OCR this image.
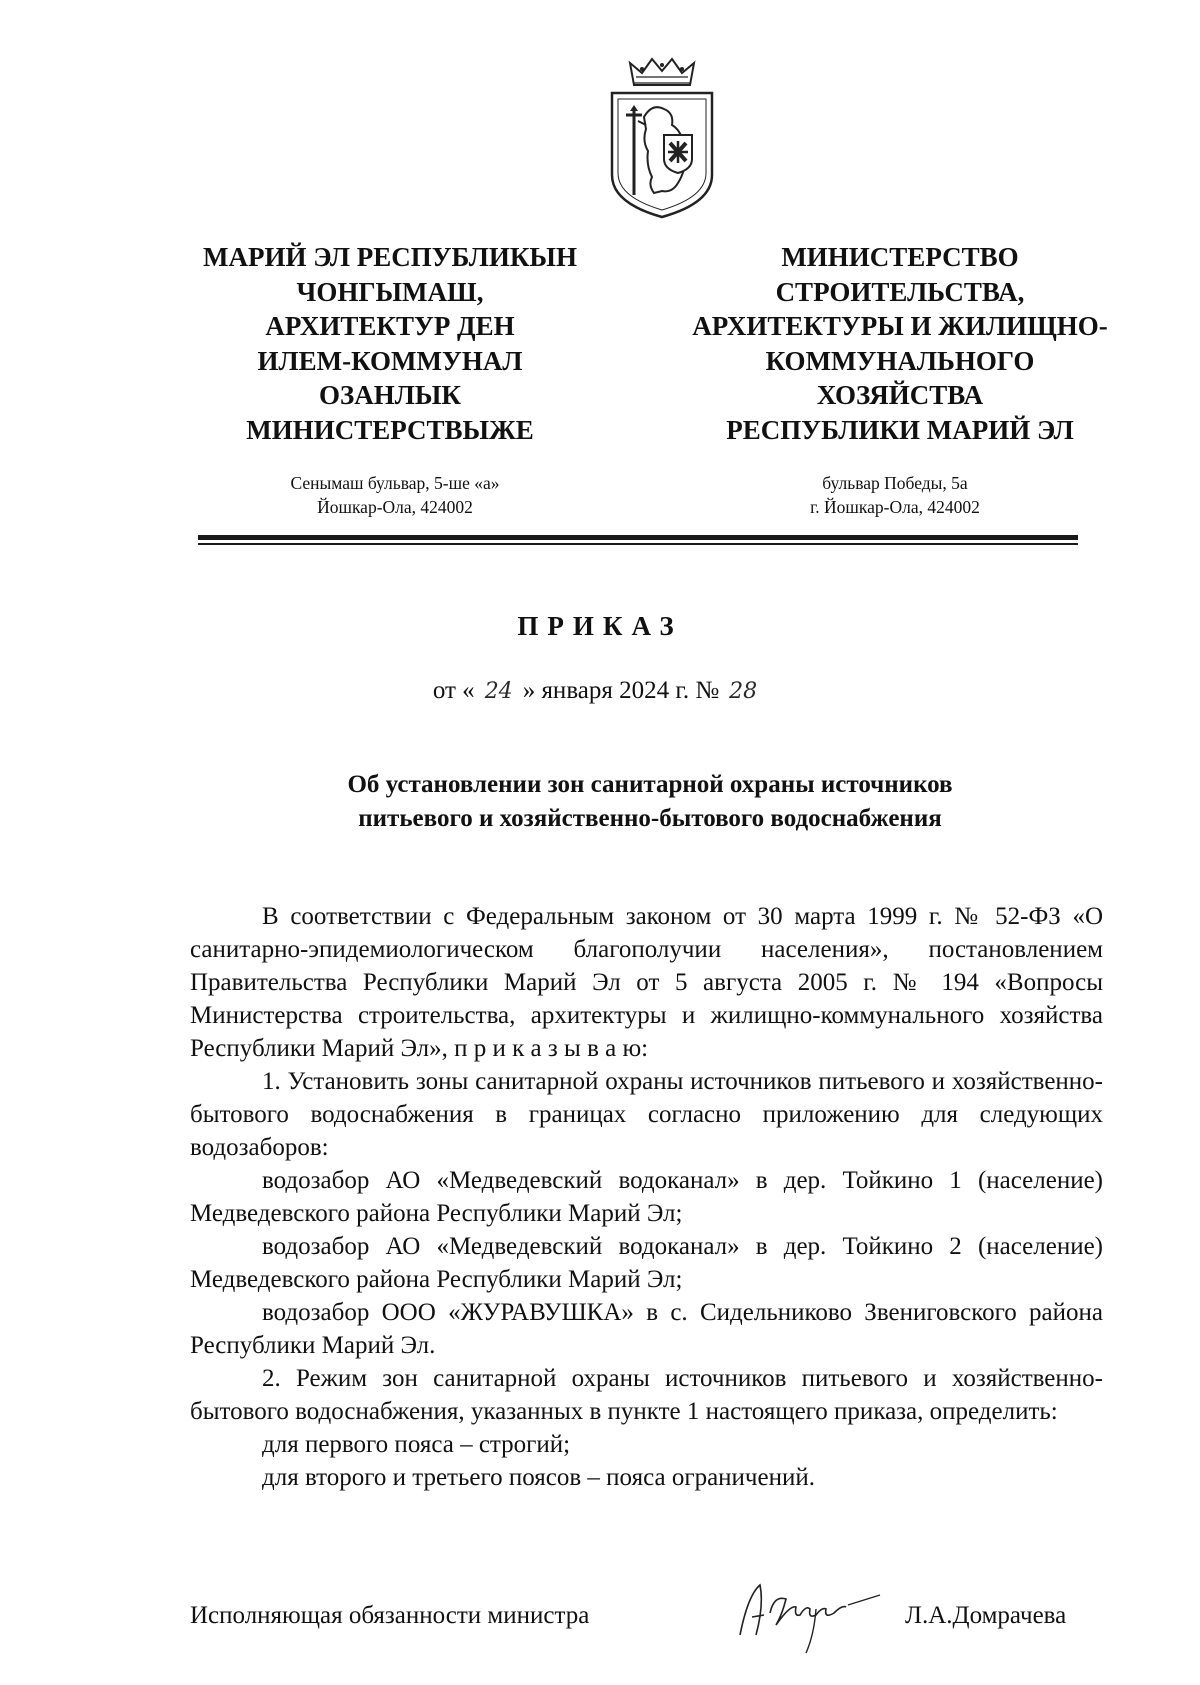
МАРИЙ ЭЛ РЕСПУБЛИКЫН
ЧОНГЫМАШ,
АРХИТЕКТУР ДЕН
ИЛЕМ-КОММУНАЛ
ОЗАНЛЫК
МИНИСТЕРСТВЫЖЕ
МИНИСТЕРСТВО
СТРОИТЕЛЬСТВА,
АРХИТЕКТУРЫ И ЖИЛИЩНО-
КОММУНАЛЬНОГО
ХОЗЯЙСТВА
РЕСПУБЛИКИ МАРИЙ ЭЛ
Сенымаш бульвар, 5-ше «а»
Йошкар-Ола, 424002
бульвар Победы, 5а
г. Йошкар-Ола, 424002
ПРИКАЗ
от « 24 » января 2024 г. № 28
Об установлении зон санитарной охраны источников
питьевого и хозяйственно-бытового водоснабжения

В соответствии с Федеральным законом от 30 марта 1999 г. № 52-ФЗ «О санитарно-эпидемиологическом благополучии населения», постановлением Правительства Республики Марий Эл от 5 августа 2005 г. № 194 «Вопросы Министерства строительства, архитектуры и жилищно-коммунального хозяйства Республики Марий Эл», п р и к а з ы в а ю:

1. Установить зоны санитарной охраны источников питьевого и хозяйственно-бытового водоснабжения в границах согласно приложению для следующих водозаборов:

водозабор АО «Медведевский водоканал» в дер. Тойкино 1 (население) Медведевского района Республики Марий Эл;

водозабор АО «Медведевский водоканал» в дер. Тойкино 2 (население) Медведевского района Республики Марий Эл;

водозабор ООО «ЖУРАВУШКА» в с. Сидельниково Звениговского района Республики Марий Эл.

2. Режим зон санитарной охраны источников питьевого и хозяйственно-бытового водоснабжения, указанных в пункте 1 настоящего приказа, определить:

для первого пояса – строгий;

для второго и третьего поясов – пояса ограничений.

Исполняющая обязанности министра	Л.А.Домрачева
